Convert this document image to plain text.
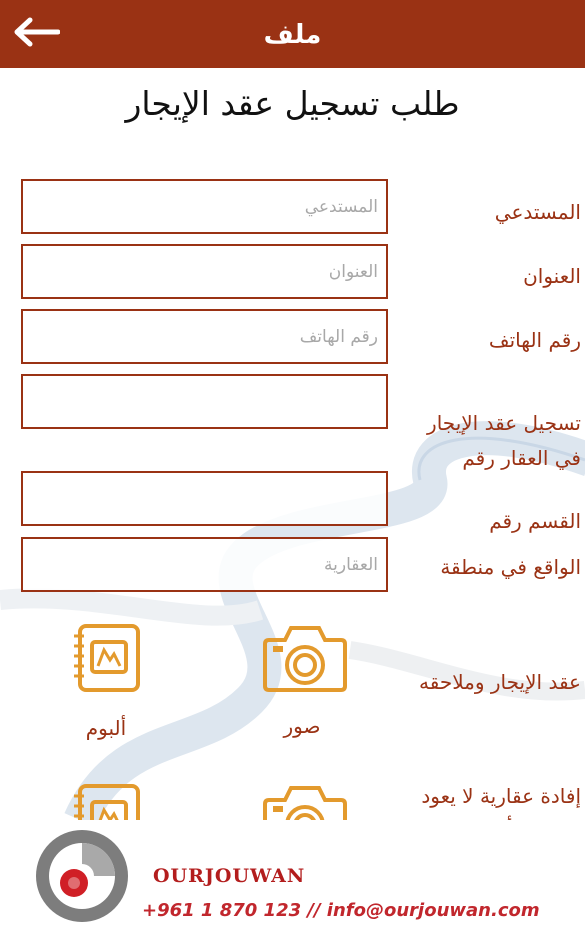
ملف
طلب تسجيل عقد الإيجار
المستدعي
المستدعي
العنوان
العنوان
رقم الهاتف
رقم الهاتف
تسجيل عقد الإيجار
في العقار رقم
القسم رقم
الواقع في منطقة
العقارية
عقد الإيجار وملاحقه
صور
ألبوم
إفادة عقارية لا يعود
OURJOUWAN
+961 1 870 123 // info@ourjouwan.com
